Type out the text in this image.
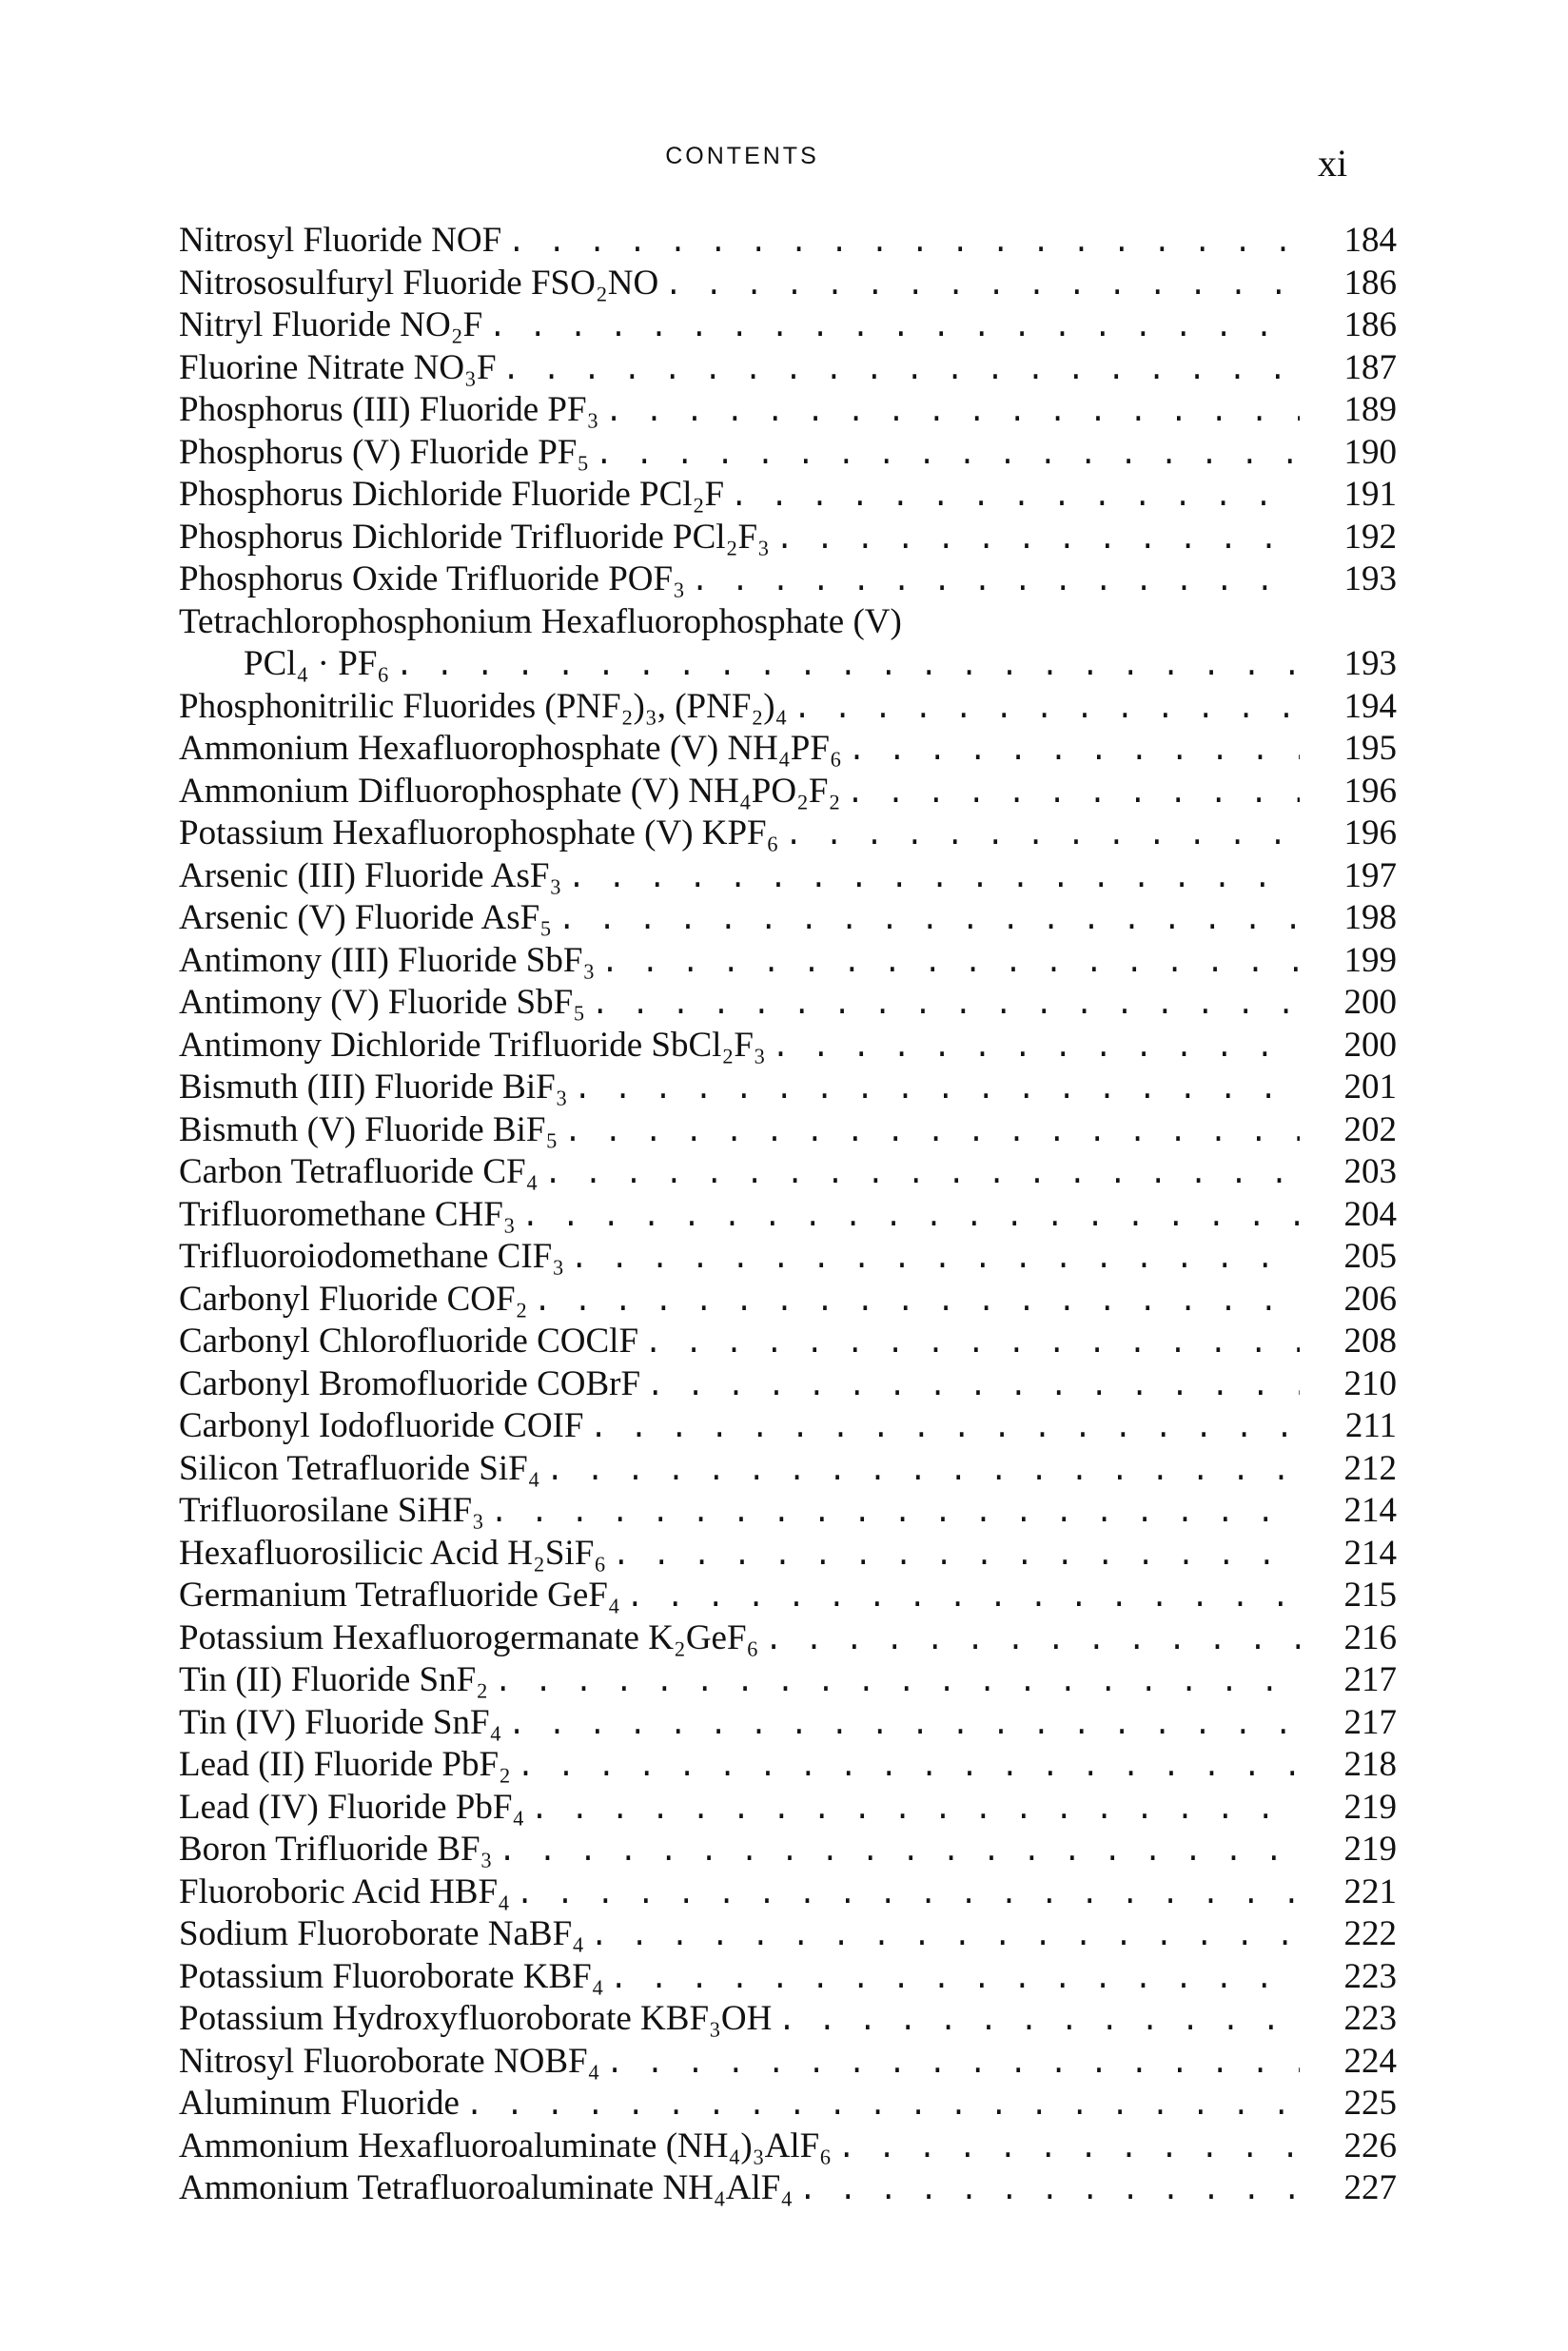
CONTENTS	xi
Nitrosyl Fluoride NOF . . .	184
Nitrososulfuryl Fluoride FSO₂NO . . .	186
Nitryl Fluoride NO₂F . . .	186
Fluorine Nitrate NO₃F . . .	187
Phosphorus (III) Fluoride PF₃ . . .	189
Phosphorus (V) Fluoride PF₅ . . .	190
Phosphorus Dichloride Fluoride PCl₂F . . .	191
Phosphorus Dichloride Trifluoride PCl₂F₃ . . .	192
Phosphorus Oxide Trifluoride POF₃ . . .	193
Tetrachlorophosphonium Hexafluorophosphate (V)
PCl₄ · PF₆ . . .	193
Phosphonitrilic Fluorides (PNF₂)₃, (PNF₂)₄ . . .	194
Ammonium Hexafluorophosphate (V) NH₄PF₆ . . .	195
Ammonium Difluorophosphate (V) NH₄PO₂F₂ . . .	196
Potassium Hexafluorophosphate (V) KPF₆ . . .	196
Arsenic (III) Fluoride AsF₃ . . .	197
Arsenic (V) Fluoride AsF₅ . . .	198
Antimony (III) Fluoride SbF₃ . . .	199
Antimony (V) Fluoride SbF₅ . . .	200
Antimony Dichloride Trifluoride SbCl₂F₃ . . .	200
Bismuth (III) Fluoride BiF₃ . . .	201
Bismuth (V) Fluoride BiF₅ . . .	202
Carbon Tetrafluoride CF₄ . . .	203
Trifluoromethane CHF₃ . . .	204
Trifluoroiodomethane CIF₃ . . .	205
Carbonyl Fluoride COF₂ . . .	206
Carbonyl Chlorofluoride COClF . . .	208
Carbonyl Bromofluoride COBrF . . .	210
Carbonyl Iodofluoride COIF . . .	211
Silicon Tetrafluoride SiF₄ . . .	212
Trifluorosilane SiHF₃ . . .	214
Hexafluorosilicic Acid H₂SiF₆ . . .	214
Germanium Tetrafluoride GeF₄ . . .	215
Potassium Hexafluorogermanate K₂GeF₆ . . .	216
Tin (II) Fluoride SnF₂ . . .	217
Tin (IV) Fluoride SnF₄ . . .	217
Lead (II) Fluoride PbF₂ . . .	218
Lead (IV) Fluoride PbF₄ . . .	219
Boron Trifluoride BF₃ . . .	219
Fluoroboric Acid HBF₄ . . .	221
Sodium Fluoroborate NaBF₄ . . .	222
Potassium Fluoroborate KBF₄ . . .	223
Potassium Hydroxyfluoroborate KBF₃OH . . .	223
Nitrosyl Fluoroborate NOBF₄ . . .	224
Aluminum Fluoride . . .	225
Ammonium Hexafluoroaluminate (NH₄)₃AlF₆ . . .	226
Ammonium Tetrafluoroaluminate NH₄AlF₄ . . .	227
